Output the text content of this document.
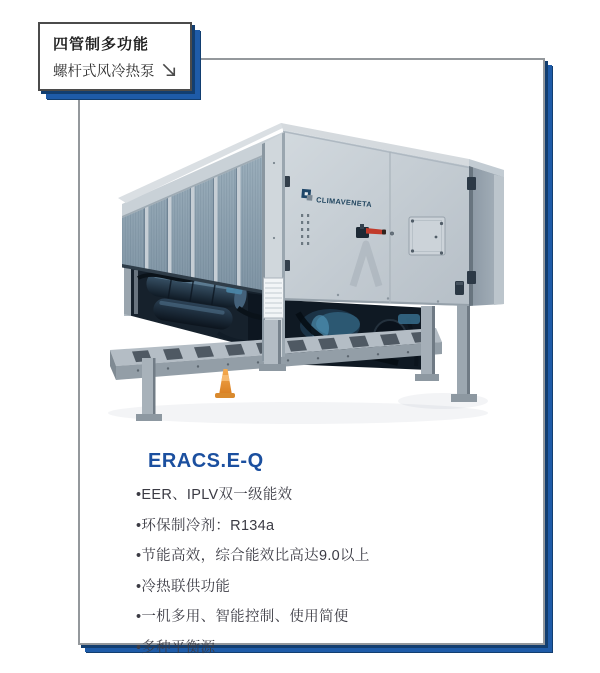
四管制多功能
螺杆式风冷热泵
CLIMAVENETA
ERACS.E-Q
•EER、IPLV双一级能效
•环保制冷剂：R134a
•节能高效，综合能效比高达9.0以上
•冷热联供功能
•一机多用、智能控制、使用简便
•多种平衡源
